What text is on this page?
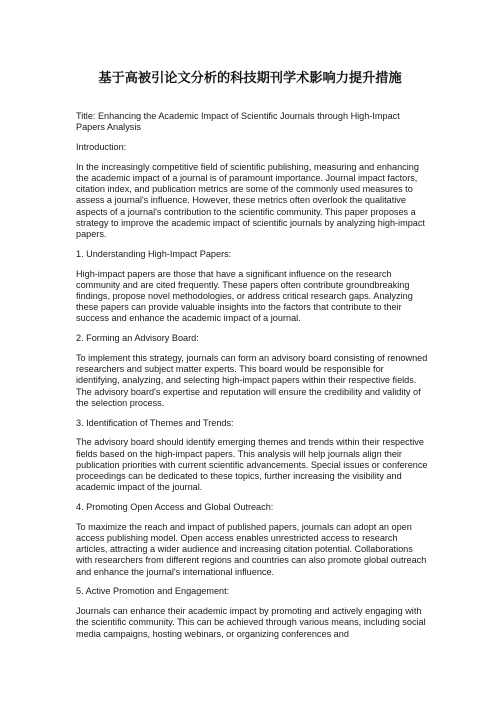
基于高被引论文分析的科技期刊学术影响力提升措施

Title: Enhancing the Academic Impact of Scientific Journals through High-Impact Papers Analysis

Introduction:

In the increasingly competitive field of scientific publishing, measuring and enhancing the academic impact of a journal is of paramount importance. Journal impact factors, citation index, and publication metrics are some of the commonly used measures to assess a journal's influence. However, these metrics often overlook the qualitative aspects of a journal's contribution to the scientific community. This paper proposes a strategy to improve the academic impact of scientific journals by analyzing high-impact papers.

1. Understanding High-Impact Papers:

High-impact papers are those that have a significant influence on the research community and are cited frequently. These papers often contribute groundbreaking findings, propose novel methodologies, or address critical research gaps. Analyzing these papers can provide valuable insights into the factors that contribute to their success and enhance the academic impact of a journal.

2. Forming an Advisory Board:

To implement this strategy, journals can form an advisory board consisting of renowned researchers and subject matter experts. This board would be responsible for identifying, analyzing, and selecting high-impact papers within their respective fields. The advisory board's expertise and reputation will ensure the credibility and validity of the selection process.

3. Identification of Themes and Trends:

The advisory board should identify emerging themes and trends within their respective fields based on the high-impact papers. This analysis will help journals align their publication priorities with current scientific advancements. Special issues or conference proceedings can be dedicated to these topics, further increasing the visibility and academic impact of the journal.

4. Promoting Open Access and Global Outreach:

To maximize the reach and impact of published papers, journals can adopt an open access publishing model. Open access enables unrestricted access to research articles, attracting a wider audience and increasing citation potential. Collaborations with researchers from different regions and countries can also promote global outreach and enhance the journal's international influence.

5. Active Promotion and Engagement:

Journals can enhance their academic impact by promoting and actively engaging with the scientific community. This can be achieved through various means, including social media campaigns, hosting webinars, or organizing conferences and
